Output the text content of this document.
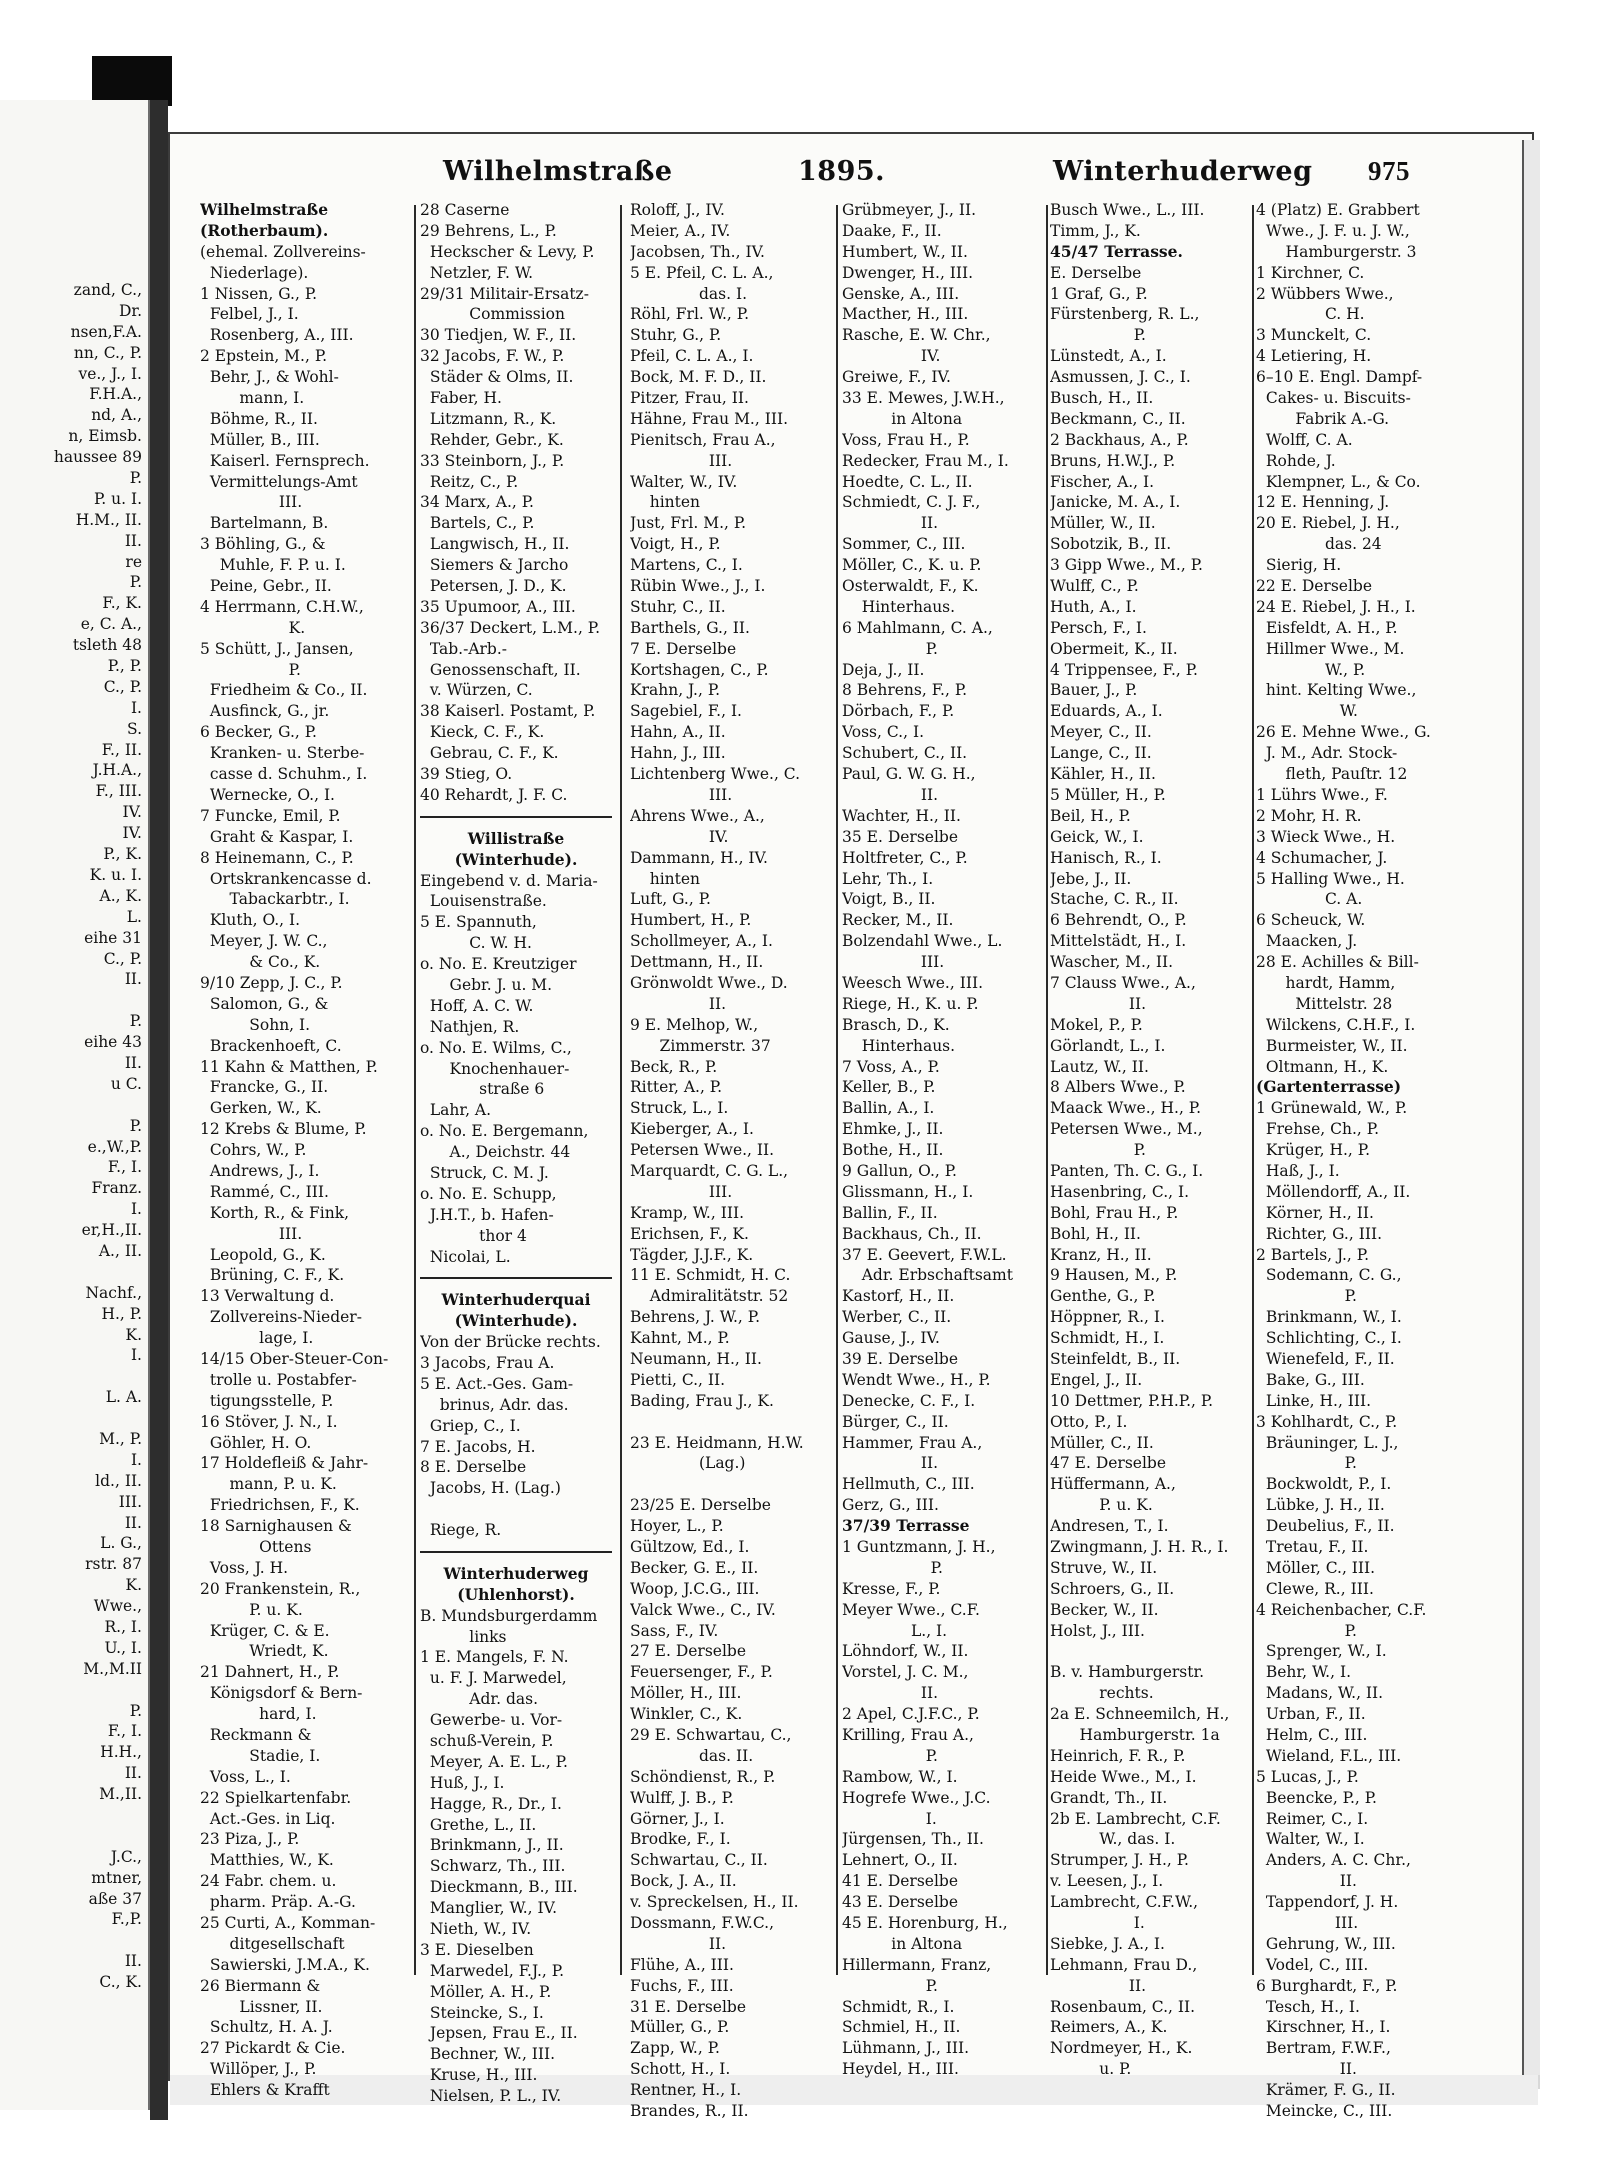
zand, C.,
Dr.
nsen,F.A.
nn, C., P.
ve., J., I.
F.H.A.,
nd, A.,
n, Eimsb.
haussee 89
P.
P. u. I.
H.M., II.
II.
re
P.
F., K.
e, C. A.,
tsleth 48
P., P.
C., P.
I.
S.
F., II.
J.H.A.,
F., III.
IV.
IV.
P., K.
K. u. I.
A., K.
L.
eihe 31
C., P.
II.
P.
eihe 43
II.
u C.
P.
e.,W.,P.
F., I.
Franz.
I.
er,H.,II.
A., II.
Nachf.,
H., P.
K.
I.
L. A.
M., P.
I.
ld., II.
III.
II.
L. G.,
rstr. 87
K.
Wwe.,
R., I.
U., I.
M.,M.II
P.
F., I.
H.H.,
II.
M.,II.
J.C.,
mtner,
aße 37
F.,P.
II.
C., K.
Wilhelmstraße	1895.	Winterhuderweg 975
Wilhelmstraße
(Rotherbaum).
(ehemal. Zollvereins-
Niederlage).
1 Nissen, G., P.
Felbel, J., I.
Rosenberg, A., III.
2 Epstein, M., P.
Behr, J., & Wohl-
mann, I.
Böhme, R., II.
Müller, B., III.
Kaiserl. Fernsprech.
Vermittelungs-Amt
III.
Bartelmann, B.
3 Böhling, G., &
Muhle, F. P. u. I.
Peine, Gebr., II.
4 Herrmann, C.H.W.,
K.
5 Schütt, J., Jansen,
P.
Friedheim & Co., II.
Ausfinck, G., jr.
6 Becker, G., P.
Kranken- u. Sterbe-
casse d. Schuhm., I.
Wernecke, O., I.
7 Funcke, Emil, P.
Graht & Kaspar, I.
8 Heinemann, C., P.
Ortskrankencasse d.
Tabackarbtr., I.
Kluth, O., I.
Meyer, J. W. C.,
& Co., K.
9/10 Zepp, J. C., P.
Salomon, G., &
Sohn, I.
Brackenhoeft, C.
11 Kahn & Matthen, P.
Francke, G., II.
Gerken, W., K.
12 Krebs & Blume, P.
Cohrs, W., P.
Andrews, J., I.
Rammé, C., III.
Korth, R., & Fink,
III.
Leopold, G., K.
Brüning, C. F., K.
13 Verwaltung d.
Zollvereins-Nieder-
lage, I.
14/15 Ober-Steuer-Con-
trolle u. Postabfer-
tigungsstelle, P.
16 Stöver, J. N., I.
Göhler, H. O.
17 Holdefleiß & Jahr-
mann, P. u. K.
Friedrichsen, F., K.
18 Sarnighausen &
Ottens
Voss, J. H.
20 Frankenstein, R.,
P. u. K.
Krüger, C. & E.
Wriedt, K.
21 Dahnert, H., P.
Königsdorf & Bern-
hard, I.
Reckmann &
Stadie, I.
Voss, L., I.
22 Spielkartenfabr.
Act.-Ges. in Liq.
23 Piza, J., P.
Matthies, W., K.
24 Fabr. chem. u.
pharm. Präp. A.-G.
25 Curti, A., Komman-
ditgesellschaft
Sawierski, J.M.A., K.
26 Biermann &
Lissner, II.
Schultz, H. A. J.
27 Pickardt & Cie.
Willöper, J., P.
Ehlers & Krafft
28 Caserne
29 Behrens, L., P.
Heckscher & Levy, P.
Netzler, F. W.
29/31 Militair-Ersatz-
Commission
30 Tiedjen, W. F., II.
32 Jacobs, F. W., P.
Städer & Olms, II.
Faber, H.
Litzmann, R., K.
Rehder, Gebr., K.
33 Steinborn, J., P.
Reitz, C., P.
34 Marx, A., P.
Bartels, C., P.
Langwisch, H., II.
Siemers & Jarcho
Petersen, J. D., K.
35 Upumoor, A., III.
36/37 Deckert, L.M., P.
Tab.-Arb.-
Genossenschaft, II.
v. Würzen, C.
38 Kaiserl. Postamt, P.
Kieck, C. F., K.
Gebrau, C. F., K.
39 Stieg, O.
40 Rehardt, J. F. C.
Willistraße
(Winterhude).
Eingebend v. d. Maria-
Louisenstraße.
5 E. Spannuth,
C. W. H.
o. No. E. Kreutziger
Gebr. J. u. M.
Hoff, A. C. W.
Nathjen, R.
o. No. E. Wilms, C.,
Knochenhauer-
straße 6
Lahr, A.
o. No. E. Bergemann,
A., Deichstr. 44
Struck, C. M. J.
o. No. E. Schupp,
J.H.T., b. Hafen-
thor 4
Nicolai, L.
Winterhuderquai
(Winterhude).
Von der Brücke rechts.
3 Jacobs, Frau A.
5 E. Act.-Ges. Gam-
brinus, Adr. das.
Griep, C., I.
7 E. Jacobs, H.
8 E. Derselbe
Jacobs, H. (Lag.)
Riege, R.
Winterhuderweg
(Uhlenhorst).
B. Mundsburgerdamm
links
1 E. Mangels, F. N.
u. F. J. Marwedel,
Adr. das.
Gewerbe- u. Vor-
schuß-Verein, P.
Meyer, A. E. L., P.
Huß, J., I.
Hagge, R., Dr., I.
Grethe, L., II.
Brinkmann, J., II.
Schwarz, Th., III.
Dieckmann, B., III.
Manglier, W., IV.
Nieth, W., IV.
3 E. Dieselben
Marwedel, F.J., P.
Möller, A. H., P.
Steincke, S., I.
Jepsen, Frau E., II.
Bechner, W., III.
Kruse, H., III.
Nielsen, P. L., IV.
Roloff, J., IV.
Meier, A., IV.
Jacobsen, Th., IV.
5 E. Pfeil, C. L. A.,
das. I.
Röhl, Frl. W., P.
Stuhr, G., P.
Pfeil, C. L. A., I.
Bock, M. F. D., II.
Pitzer, Frau, II.
Hähne, Frau M., III.
Pienitsch, Frau A.,
III.
Walter, W., IV.
hinten
Just, Frl. M., P.
Voigt, H., P.
Martens, C., I.
Rübin Wwe., J., I.
Stuhr, C., II.
Barthels, G., II.
7 E. Derselbe
Kortshagen, C., P.
Krahn, J., P.
Sagebiel, F., I.
Hahn, A., II.
Hahn, J., III.
Lichtenberg Wwe., C.
III.
Ahrens Wwe., A.,
IV.
Dammann, H., IV.
hinten
Luft, G., P.
Humbert, H., P.
Schollmeyer, A., I.
Dettmann, H., II.
Grönwoldt Wwe., D.
II.
9 E. Melhop, W.,
Zimmerstr. 37
Beck, R., P.
Ritter, A., P.
Struck, L., I.
Kieberger, A., I.
Petersen Wwe., II.
Marquardt, C. G. L.,
III.
Kramp, W., III.
Erichsen, F., K.
Tägder, J.J.F., K.
11 E. Schmidt, H. C.
Admiralitätstr. 52
Behrens, J. W., P.
Kahnt, M., P.
Neumann, H., II.
Pietti, C., II.
Bading, Frau J., K.
23 E. Heidmann, H.W.
(Lag.)
23/25 E. Derselbe
Hoyer, L., P.
Gültzow, Ed., I.
Becker, G. E., II.
Woop, J.C.G., III.
Valck Wwe., C., IV.
Sass, F., IV.
27 E. Derselbe
Feuersenger, F., P.
Möller, H., III.
Winkler, C., K.
29 E. Schwartau, C.,
das. II.
Schöndienst, R., P.
Wulff, J. B., P.
Görner, J., I.
Brodke, F., I.
Schwartau, C., II.
Bock, J. A., II.
v. Spreckelsen, H., II.
Dossmann, F.W.C.,
II.
Flühe, A., III.
Fuchs, F., III.
31 E. Derselbe
Müller, G., P.
Zapp, W., P.
Schott, H., I.
Rentner, H., I.
Brandes, R., II.
Grübmeyer, J., II.
Daake, F., II.
Humbert, W., II.
Dwenger, H., III.
Genske, A., III.
Macther, H., III.
Rasche, E. W. Chr.,
IV.
Greiwe, F., IV.
33 E. Mewes, J.W.H.,
in Altona
Voss, Frau H., P.
Redecker, Frau M., I.
Hoedte, C. L., II.
Schmiedt, C. J. F.,
II.
Sommer, C., III.
Möller, C., K. u. P.
Osterwaldt, F., K.
Hinterhaus.
6 Mahlmann, C. A.,
P.
Deja, J., II.
8 Behrens, F., P.
Dörbach, F., P.
Voss, C., I.
Schubert, C., II.
Paul, G. W. G. H.,
II.
Wachter, H., II.
35 E. Derselbe
Holtfreter, C., P.
Lehr, Th., I.
Voigt, B., II.
Recker, M., II.
Bolzendahl Wwe., L.
III.
Weesch Wwe., III.
Riege, H., K. u. P.
Brasch, D., K.
Hinterhaus.
7 Voss, A., P.
Keller, B., P.
Ballin, A., I.
Ehmke, J., II.
Bothe, H., II.
9 Gallun, O., P.
Glissmann, H., I.
Ballin, F., II.
Backhaus, Ch., II.
37 E. Geevert, F.W.L.
Adr. Erbschaftsamt
Kastorf, H., II.
Werber, C., II.
Gause, J., IV.
39 E. Derselbe
Wendt Wwe., H., P.
Denecke, C. F., I.
Bürger, C., II.
Hammer, Frau A.,
II.
Hellmuth, C., III.
Gerz, G., III.
37/39 Terrasse
1 Guntzmann, J. H.,
P.
Kresse, F., P.
Meyer Wwe., C.F.
L., I.
Löhndorf, W., II.
Vorstel, J. C. M.,
II.
2 Apel, C.J.F.C., P.
Krilling, Frau A.,
P.
Rambow, W., I.
Hogrefe Wwe., J.C.
I.
Jürgensen, Th., II.
Lehnert, O., II.
41 E. Derselbe
43 E. Derselbe
45 E. Horenburg, H.,
in Altona
Hillermann, Franz,
P.
Schmidt, R., I.
Schmiel, H., II.
Lühmann, J., III.
Heydel, H., III.
Busch Wwe., L., III.
Timm, J., K.
45/47 Terrasse.
E. Derselbe
1 Graf, G., P.
Fürstenberg, R. L.,
P.
Lünstedt, A., I.
Asmussen, J. C., I.
Busch, H., II.
Beckmann, C., II.
2 Backhaus, A., P.
Bruns, H.W.J., P.
Fischer, A., I.
Janicke, M. A., I.
Müller, W., II.
Sobotzik, B., II.
3 Gipp Wwe., M., P.
Wulff, C., P.
Huth, A., I.
Persch, F., I.
Obermeit, K., II.
4 Trippensee, F., P.
Bauer, J., P.
Eduards, A., I.
Meyer, C., II.
Lange, C., II.
Kähler, H., II.
5 Müller, H., P.
Beil, H., P.
Geick, W., I.
Hanisch, R., I.
Jebe, J., II.
Stache, C. R., II.
6 Behrendt, O., P.
Mittelstädt, H., I.
Wascher, M., II.
7 Clauss Wwe., A.,
II.
Mokel, P., P.
Görlandt, L., I.
Lautz, W., II.
8 Albers Wwe., P.
Maack Wwe., H., P.
Petersen Wwe., M.,
P.
Panten, Th. C. G., I.
Hasenbring, C., I.
Bohl, Frau H., P.
Bohl, H., II.
Kranz, H., II.
9 Hausen, M., P.
Genthe, G., P.
Höppner, R., I.
Schmidt, H., I.
Steinfeldt, B., II.
Engel, J., II.
10 Dettmer, P.H.P., P.
Otto, P., I.
Müller, C., II.
47 E. Derselbe
Hüffermann, A.,
P. u. K.
Andresen, T., I.
Zwingmann, J. H. R., I.
Struve, W., II.
Schroers, G., II.
Becker, W., II.
Holst, J., III.
B. v. Hamburgerstr.
rechts.
2a E. Schneemilch, H.,
Hamburgerstr. 1a
Heinrich, F. R., P.
Heide Wwe., M., I.
Grandt, Th., II.
2b E. Lambrecht, C.F.
W., das. I.
Strumper, J. H., P.
v. Leesen, J., I.
Lambrecht, C.F.W.,
I.
Siebke, J. A., I.
Lehmann, Frau D.,
II.
Rosenbaum, C., II.
Reimers, A., K.
Nordmeyer, H., K.
u. P.
4 (Platz) E. Grabbert
Wwe., J. F. u. J. W.,
Hamburgerstr. 3
1 Kirchner, C.
2 Wübbers Wwe.,
C. H.
3 Munckelt, C.
4 Letiering, H.
6–10 E. Engl. Dampf-
Cakes- u. Biscuits-
Fabrik A.-G.
Wolff, C. A.
Rohde, J.
Klempner, L., & Co.
12 E. Henning, J.
20 E. Riebel, J. H.,
das. 24
Sierig, H.
22 E. Derselbe
24 E. Riebel, J. H., I.
Eisfeldt, A. H., P.
Hillmer Wwe., M.
W., P.
hint. Kelting Wwe.,
W.
26 E. Mehne Wwe., G.
J. M., Adr. Stock-
fleth, Pauſtr. 12
1 Lührs Wwe., F.
2 Mohr, H. R.
3 Wieck Wwe., H.
4 Schumacher, J.
5 Halling Wwe., H.
C. A.
6 Scheuck, W.
Maacken, J.
28 E. Achilles & Bill-
hardt, Hamm,
Mittelstr. 28
Wilckens, C.H.F., I.
Burmeister, W., II.
Oltmann, H., K.
(Gartenterrasse)
1 Grünewald, W., P.
Frehse, Ch., P.
Krüger, H., P.
Haß, J., I.
Möllendorff, A., II.
Körner, H., II.
Richter, G., III.
2 Bartels, J., P.
Sodemann, C. G.,
P.
Brinkmann, W., I.
Schlichting, C., I.
Wienefeld, F., II.
Bake, G., III.
Linke, H., III.
3 Kohlhardt, C., P.
Bräuninger, L. J.,
P.
Bockwoldt, P., I.
Lübke, J. H., II.
Deubelius, F., II.
Tretau, F., II.
Möller, C., III.
Clewe, R., III.
4 Reichenbacher, C.F.
P.
Sprenger, W., I.
Behr, W., I.
Madans, W., II.
Urban, F., II.
Helm, C., III.
Wieland, F.L., III.
5 Lucas, J., P.
Beencke, P., P.
Reimer, C., I.
Walter, W., I.
Anders, A. C. Chr.,
II.
Tappendorf, J. H.
III.
Gehrung, W., III.
Vodel, C., III.
6 Burghardt, F., P.
Tesch, H., I.
Kirschner, H., I.
Bertram, F.W.F.,
II.
Krämer, F. G., II.
Meincke, C., III.
